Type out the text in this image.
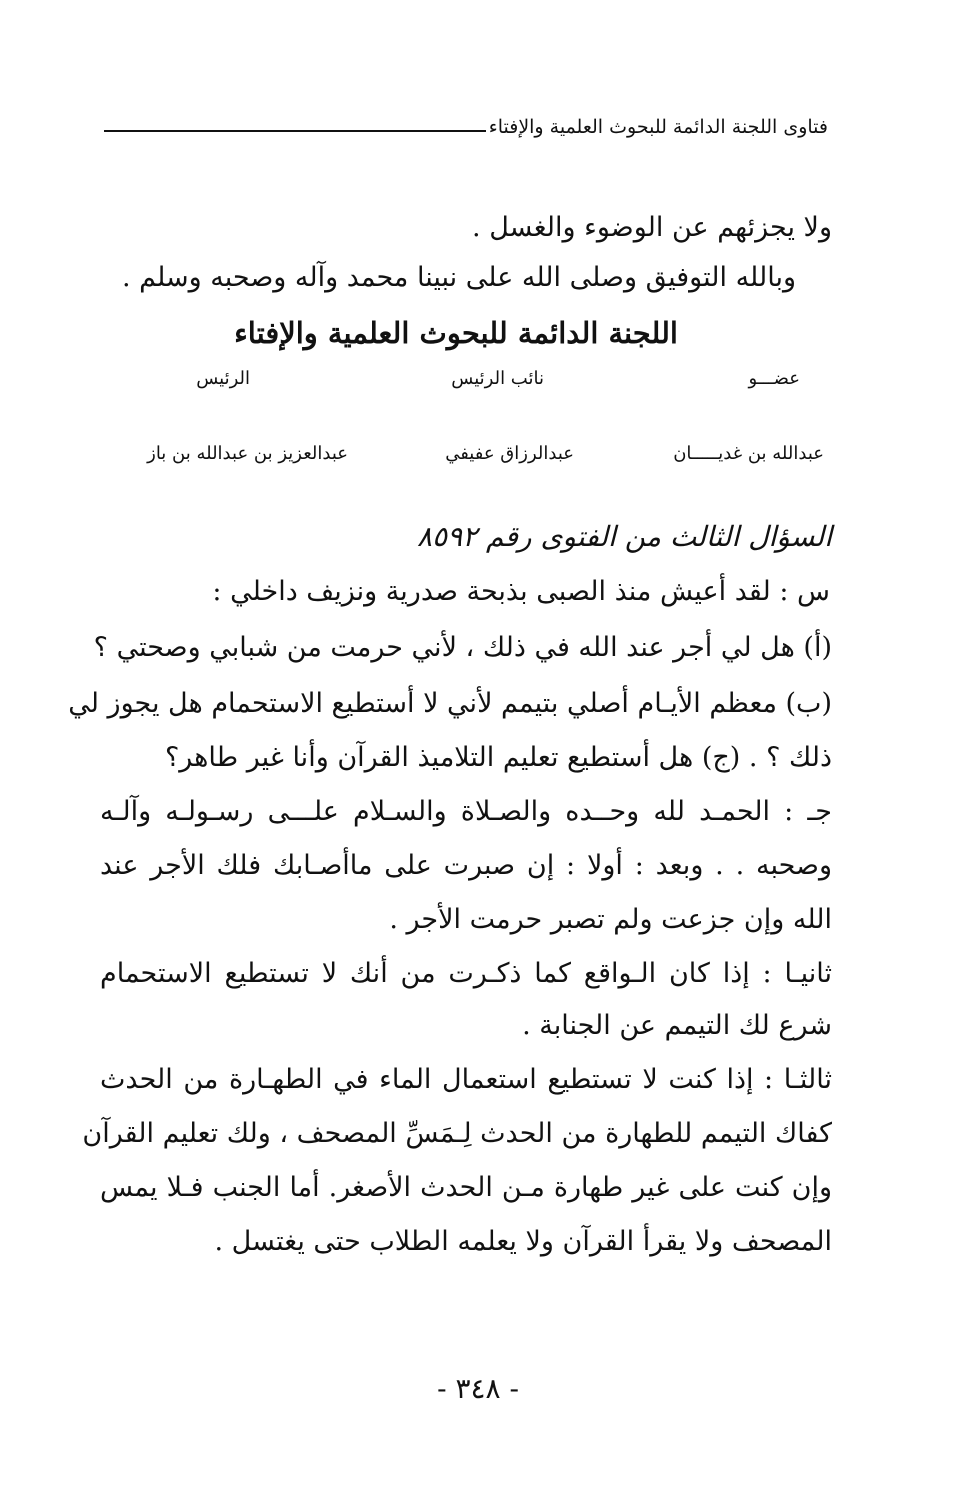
فتاوى اللجنة الدائمة للبحوث العلمية والإفتاء
ولا يجزئهم عن الوضوء والغسل .
وبالله التوفيق وصلى الله على نبينا محمد وآله وصحبه وسلم .
اللجنة الدائمة للبحوث العلمية والإفتاء
عضـــو
نائب الرئيس
الرئيس
عبدالله بن غديـــــان
عبدالرزاق عفيفي
عبدالعزيز بن عبدالله بن باز
السؤال الثالث من الفتوى رقم ٨٥٩٢
س : لقد أعيش منذ الصبى بذبحة صدرية ونزيف داخلي :
(أ) هل لي أجر عند الله في ذلك ، لأني حرمت من شبابي وصحتي ؟
(ب) معظم الأيـام أصلي بتيمم لأني لا أستطيع الاستحمام هل يجوز لي
ذلك ؟ . (ج) هل أستطيع تعليم التلاميذ القرآن وأنا غير طاهر؟
جـ : الحمـد لله وحــده والصـلاة والسـلام علـــى رسـولـه وآلـه
وصحبه . . وبعد : أولا : إن صبرت على ماأصـابك فلك الأجر عند
الله وإن جزعت ولم تصبر حرمت الأجر .
ثانيـا : إذا كان الـواقع كما ذكـرت من أنك لا تستطيع الاستحمام
شرع لك التيمم عن الجنابة .
ثالثـا : إذا كنت لا تستطيع استعمال الماء في الطهـارة من الحدث
كفاك التيمم للطهارة من الحدث لِـمَسِّ المصحف ، ولك تعليم القرآن
وإن كنت على غير طهارة مـن الحدث الأصغر. أما الجنب فـلا يمس
المصحف ولا يقرأ القرآن ولا يعلمه الطلاب حتى يغتسل .
- ٣٤٨ -
